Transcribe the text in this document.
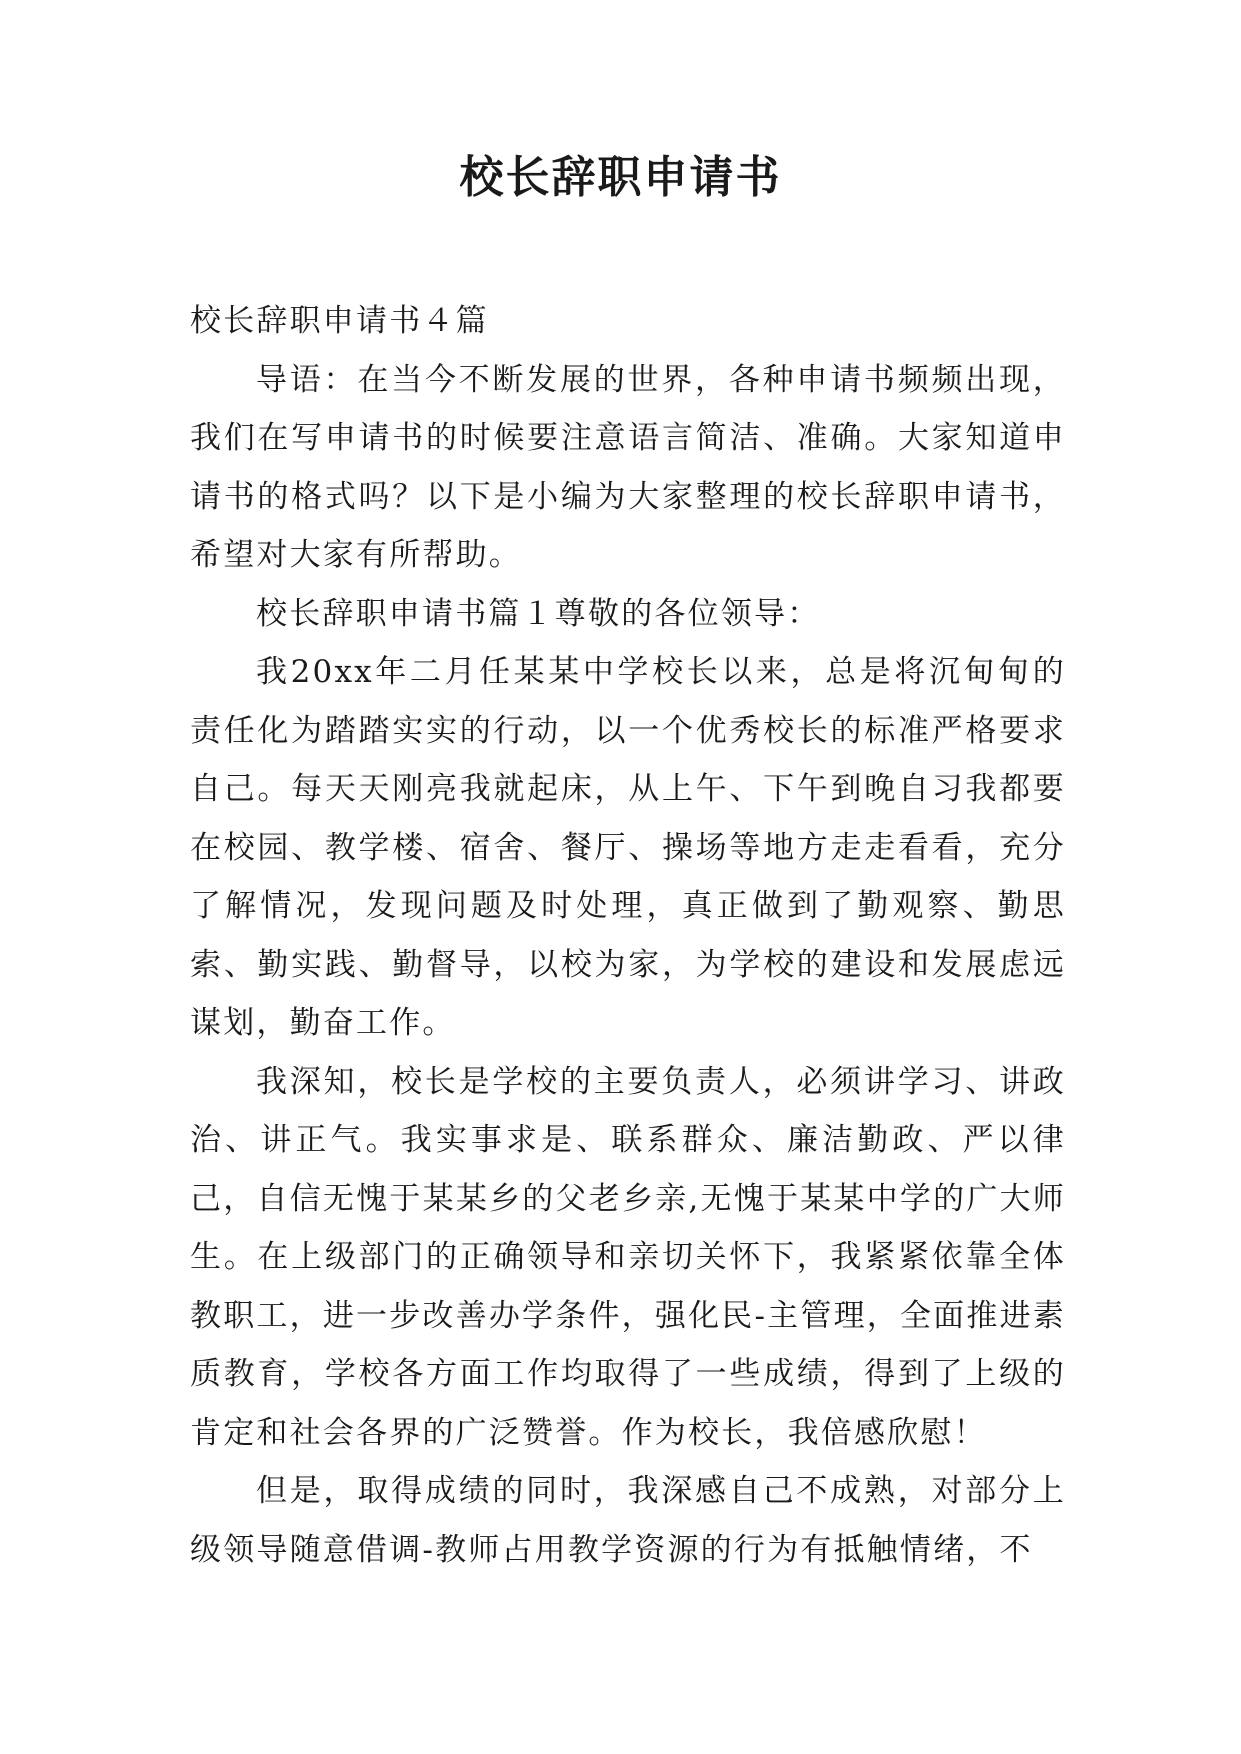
校长辞职申请书

校长辞职申请书４篇

导语：在当今不断发展的世界，各种申请书频频出现，我们在写申请书的时候要注意语言简洁、准确。大家知道申请书的格式吗？以下是小编为大家整理的校长辞职申请书，希望对大家有所帮助。

校长辞职申请书篇１尊敬的各位领导：

我20xx年二月任某某中学校长以来，总是将沉甸甸的责任化为踏踏实实的行动，以一个优秀校长的标准严格要求自己。每天天刚亮我就起床，从上午、下午到晚自习我都要在校园、教学楼、宿舍、餐厅、操场等地方走走看看，充分了解情况，发现问题及时处理，真正做到了勤观察、勤思索、勤实践、勤督导，以校为家，为学校的建设和发展虑远谋划，勤奋工作。

我深知，校长是学校的主要负责人，必须讲学习、讲政治、讲正气。我实事求是、联系群众、廉洁勤政、严以律己，自信无愧于某某乡的父老乡亲,无愧于某某中学的广大师生。在上级部门的正确领导和亲切关怀下，我紧紧依靠全体教职工，进一步改善办学条件，强化民-主管理，全面推进素质教育，学校各方面工作均取得了一些成绩，得到了上级的肯定和社会各界的广泛赞誉。作为校长，我倍感欣慰！

但是，取得成绩的同时，我深感自己不成熟，对部分上级领导随意借调-教师占用教学资源的行为有抵触情绪，不
